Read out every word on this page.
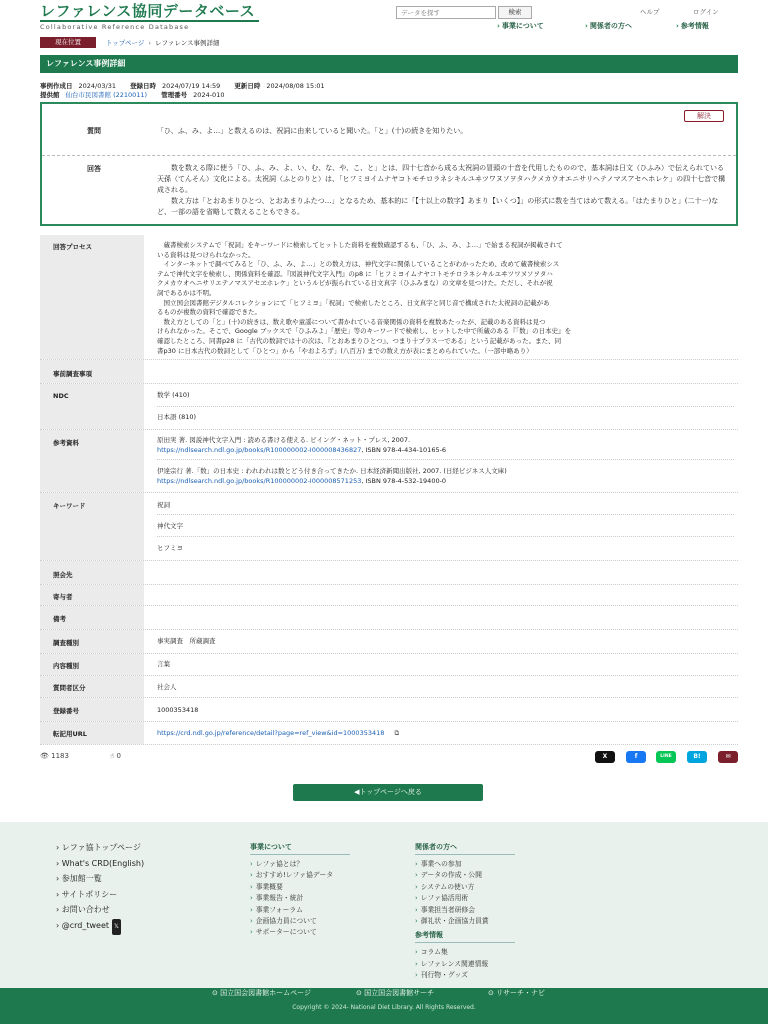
レファレンス協同データベース
Collaborative Reference Database
データを探す
検索	ヘルプ	ログイン
› 事業について	› 関係者の方へ	› 参考情報
現在位置	トップページ › レファレンス事例詳細
レファレンス事例詳細
事例作成日 2024/03/31 登録日時 2024/07/19 14:59 更新日時 2024/08/08 15:01
提供館 仙台市民図書館 (2210011) 管理番号 2024-010
質問	「ひ、ふ、み、よ…」と数えるのは、祝詞に由来していると聞いた。「と」(十)の続きを知りたい。
解決
回答	数を数える際に使う「ひ、ふ、み、よ、い、む、な、や、こ、と」とは、四十七音から成る太祝詞の冒頭の十音を代用したものので、基本詞は日文（ひふみ）で伝えられている天孫（てんそん）文化による。太祝詞（ふとのりと）は、「ヒフミヨイムナヤコトモチロラネシキルユヰツワヌソヲタハクメカウオエニサリヘテノマスアセヘホレケ」の四十七音で構成される。
数え方は「とおあまりひとつ、とおあまりふたつ…」となるため、基本的に「【十以上の数字】あまり【いくつ】」の形式に数を当てはめて数える。「はたまりひと」(二十一)など、一部の語を省略して数えることもできる。
回答プロセス	　蔵書検索システムで「祝詞」をキーワードに検索してヒットした資料を複数確認するも、「ひ、ふ、み、よ…」で始まる祝詞が掲載されて
いる資料は見つけられなかった。
　インターネットで調べてみると「ひ、ふ、み、よ…」との数え方は、神代文字に関係していることがわかったため、改めて蔵書検索シス
テムで神代文字を検索し、関係資料を確認。『図説神代文字入門』のp8 に「ヒフミヨイムナヤコトモチロラネシキルユヰツワヌソヲタハ
クメカウオヘニサリエテノマスアセヱホレケ」というルビが振られている日文真字（ひふみまな）の文章を見つけた。ただし、それが祝
詞であるかは不明。
　国立国会図書館デジタルコレクションにて「ヒフミヨ」「祝詞」で検索したところ、日文真字と同じ音で構成された太祝詞の記載があ
るものが複数の資料で確認できた。
　数え方としての「と」(十)の続きは、数え歌や童謡について書かれている音楽関係の資料を複数あたったが、記載のある資料は見つ
けられなかった。そこで、Google ブックスで「ひふみよ」「歴史」等のキーワードで検索し、ヒットした中で所蔵のある『「数」の日本史』を
確認したところ、同書p28 に「古代の数詞では十の次は、『とおあまりひとつ』、つまり十プラス一である」という記載があった。また、同
書p30 に日本古代の数詞として「ひとつ」から「やおよろず」(八百万) までの数え方が表にまとめられていた。（一部中略あり）
事前調査事項
NDC	数学 (410)
日本語 (810)
参考資料	原田実 著. 図説神代文字入門 : 読める書ける使える. ビイング・ネット・プレス, 2007.
https://ndlsearch.ndl.go.jp/books/R100000002-I000008436827, ISBN 978-4-434-10165-6
伊達宗行 著.「数」の日本史 : われわれは数とどう付き合ってきたか. 日本経済新聞出版社, 2007. (日経ビジネス人文庫)
https://ndlsearch.ndl.go.jp/books/R100000002-I000008571253, ISBN 978-4-532-19400-0
キーワード	祝詞
神代文字
ヒフミヨ
照会先
寄与者
備考
調査種別	事実調査　所蔵調査
内容種別	言葉
質問者区分	社会人
登録番号	1000353418
転記用URL	https://crd.ndl.go.jp/reference/detail?page=ref_view&id=1000353418 ⧉
👁 1183	☝ 0	X	f	LINE	B!	✉
◀トップページへ戻る
› レファ協トップページ
› What's CRD(English)
› 参加館一覧
› サイトポリシー
› お問い合わせ
› @crd_tweet 𝕏
事業について
› レファ協とは？
› おすすめ!レファ協データ
› 事業概要
› 事業報告・統計
› 事業フォーラム
› 企画協力員について
› サポーターについて
関係者の方へ
› 事業への参加
› データの作成・公開
› システムの使い方
› レファ協活用術
› 事業担当者研修会
› 御礼状・企画協力員賞
参考情報
› コラム集
› レファレンス関連情報
› 刊行物・グッズ
⊙ 国立国会図書館ホームページ	⊙ 国立国会図書館サーチ	⊙ リサーチ・ナビ
Copyright © 2024- National Diet Library. All Rights Reserved.
